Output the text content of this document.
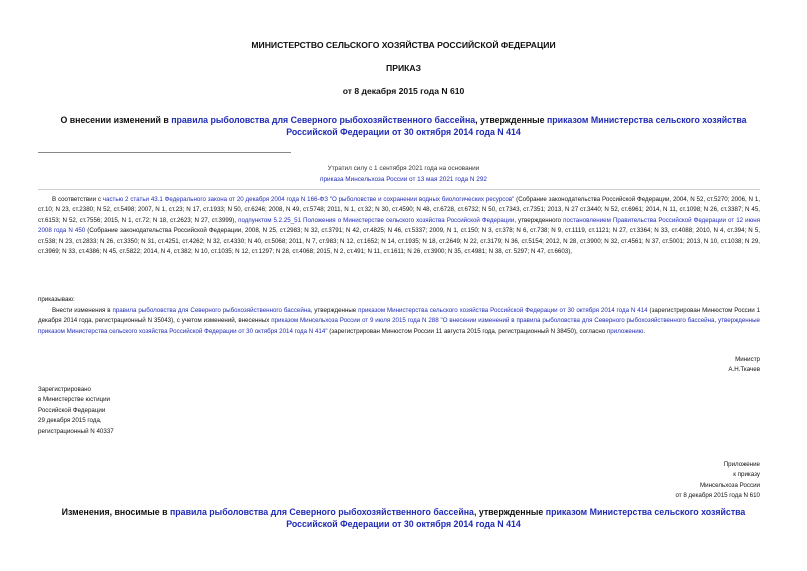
МИНИСТЕРСТВО СЕЛЬСКОГО ХОЗЯЙСТВА РОССИЙСКОЙ ФЕДЕРАЦИИ
ПРИКАЗ
от 8 декабря 2015 года N 610
О внесении изменений в правила рыболовства для Северного рыбохозяйственного бассейна, утвержденные приказом Министерства сельского хозяйства Российской Федерации от 30 октября 2014 года N 414
Утратил силу с 1 сентября 2021 года на основании
приказа Минсельхоза России от 13 мая 2021 года N 292

В соответствии с частью 2 статьи 43.1 Федерального закона от 20 декабря 2004 года N 166-ФЗ "О рыболовстве и сохранении водных биологических ресурсов" (Собрание законодательства Российской Федерации, 2004, N 52, ст.5270; 2006, N 1, ст.10; N 23, ст.2380; N 52, ст.5498; 2007, N 1, ст.23; N 17, ст.1933; N 50, ст.6246; 2008, N 49, ст.5748; 2011, N 1, ст.32; N 30, ст.4590; N 48, ст.6728, ст.6732; N 50, ст.7343, ст.7351; 2013, N 27 ст.3440; N 52, ст.6961; 2014, N 11, ст.1098; N 26, ст.3387; N 45, ст.6153; N 52, ст.7556; 2015, N 1, ст.72; N 18, ст.2623; N 27, ст.3999), подпунктом 5.2.25_51 Положения о Министерстве сельского хозяйства Российской Федерации, утвержденного постановлением Правительства Российской Федерации от 12 июня 2008 года N 450 (Собрание законодательства Российской Федерации, 2008, N 25, ст.2983; N 32, ст.3791; N 42, ст.4825; N 46, ст.5337; 2009, N 1, ст.150; N 3, ст.378; N 6, ст.738; N 9, ст.1119, ст.1121; N 27, ст.3364; N 33, ст.4088; 2010, N 4, ст.394; N 5, ст.538; N 23, ст.2833; N 26, ст.3350; N 31, ст.4251, ст.4262; N 32, ст.4330; N 40, ст.5068; 2011, N 7, ст.983; N 12, ст.1652; N 14, ст.1935; N 18, ст.2649; N 22, ст.3179; N 36, ст.5154; 2012, N 28, ст.3900; N 32, ст.4561; N 37, ст.5001; 2013, N 10, ст.1038; N 29, ст.3969; N 33, ст.4386; N 45, ст.5822; 2014, N 4, ст.382; N 10, ст.1035; N 12, ст.1297; N 28, ст.4068; 2015, N 2, ст.491; N 11, ст.1611; N 26, ст.3900; N 35, ст.4981; N 38, ст. 5297; N 47, ст.6603),

приказываю:
Внести изменения в правила рыболовства для Северного рыбохозяйственного бассейна, утвержденные приказом Министерства сельского хозяйства Российской Федерации от 30 октября 2014 года N 414 (зарегистрирован Минюстом России 1 декабря 2014 года, регистрационный N 35043), с учетом изменений, внесенных приказом Минсельхоза России от 9 июля 2015 года N 288 "О внесении изменений в правила рыболовства для Северного рыбохозяйственного бассейна, утвержденные приказом Министерства сельского хозяйства Российской Федерации от 30 октября 2014 года N 414" (зарегистрирован Минюстом России 11 августа 2015 года, регистрационный N 38450), согласно приложению.
Министр
А.Н.Ткачев
Зарегистрировано
в Министерстве юстиции
Российской Федерации
29 декабря 2015 года,
регистрационный N 40337
Приложение
к приказу
Минсельхоза России
от 8 декабря 2015 года N 610
Изменения, вносимые в правила рыболовства для Северного рыбохозяйственного бассейна, утвержденные приказом Министерства сельского хозяйства Российской Федерации от 30 октября 2014 года N 414
